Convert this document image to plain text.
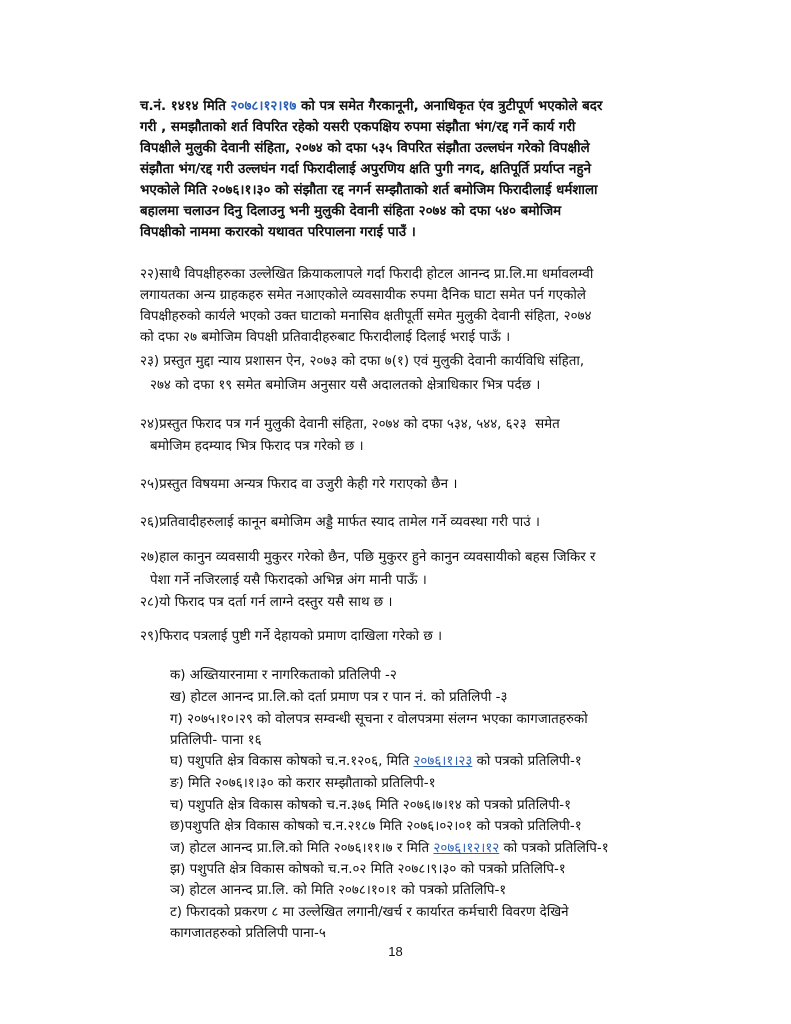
च.नं. १४१४ मिति २०७८।१२।१७ को पत्र समेत गैरकानूनी, अनाधिकृत एंव त्रुटीपूर्ण भएकोले बदर
गरी , समझौताको शर्त विपरित रहेको यसरी एकपक्षिय रुपमा संझौता भंग/रद्द गर्ने कार्य गरी
विपक्षीले मुलुकी देवानी संहिता, २०७४ को दफा ५३५ विपरित संझौता उल्लघंन गरेको विपक्षीले
संझौता भंग/रद्द गरी उल्लघंन गर्दा फिरादीलाई अपुरणिय क्षति पुगी नगद, क्षतिपूर्ति प्रर्याप्त नहुने
भएकोले मिति २०७६।१।३० को संझौता रद्द नगर्न सम्झौताको शर्त बमोजिम फिरादीलाई धर्मशाला
बहालमा चलाउन दिनु दिलाउनु भनी मुलुकी देवानी संहिता २०७४ को दफा ५४० बमोजिम
विपक्षीको नाममा करारको यथावत परिपालना गराई पाउँ ।
२२)साथै विपक्षीहरुका उल्लेखित क्रियाकलापले गर्दा फिरादी होटल आनन्द प्रा.लि.मा धर्मावलम्वी
लगायतका अन्य ग्राहकहरु समेत नआएकोले व्यवसायीक रुपमा दैनिक घाटा समेत पर्न गएकोले
विपक्षीहरुको कार्यले भएको उक्त घाटाको मनासिव क्षतीपूर्ती समेत मुलुकी देवानी संहिता, २०७४
को दफा २७ बमोजिम विपक्षी प्रतिवादीहरुबाट फिरादीलाई दिलाई भराई पाऊँ ।
२३) प्रस्तुत मुद्दा न्याय प्रशासन ऐन, २०७३ को दफा ७(१) एवं मुलुकी देवानी कार्यविधि संहिता,
२७४ को दफा १९ समेत बमोजिम अनुसार यसै अदालतको क्षेत्राधिकार भित्र पर्दछ ।
२४)प्रस्तुत फिराद पत्र गर्न मुलुकी देवानी संहिता, २०७४ को दफा ५३४, ५४४, ६२३  समेत
बमोजिम हदम्याद भित्र फिराद पत्र गरेको छ ।
२५)प्रस्तुत विषयमा अन्यत्र फिराद वा उजुरी केही गरे गराएको छैन ।
२६)प्रतिवादीहरुलाई कानून बमोजिम अड्डै मार्फत स्याद तामेल गर्ने व्यवस्था गरी पाउं ।
२७)हाल कानुन व्यवसायी मुकुरर गरेको छैन, पछि मुकुरर हुने कानुन व्यवसायीको बहस जिकिर र
पेशा गर्ने नजिरलाई यसै फिरादको अभिन्न अंग मानी पाऊँ ।
२८)यो फिराद पत्र दर्ता गर्न लाग्ने दस्तुर यसै साथ छ ।
२९)फिराद पत्रलाई पुष्टी गर्ने देहायको प्रमाण दाखिला गरेको छ ।
क) अख्तियारनामा र नागरिकताको प्रतिलिपी -२
ख) होटल आनन्द प्रा.लि.को दर्ता प्रमाण पत्र र पान नं. को प्रतिलिपी -३
ग) २०७५।१०।२९ को वोलपत्र सम्वन्धी सूचना र वोलपत्रमा संलग्न भएका कागजातहरुको
प्रतिलिपी- पाना १६
घ) पशुपति क्षेत्र विकास कोषको च.न.१२०६, मिति २०७६।१।२३ को पत्रको प्रतिलिपी-१
ङ) मिति २०७६।१।३० को करार सम्झौताको प्रतिलिपी-१
च) पशुपति क्षेत्र विकास कोषको च.न.३७६ मिति २०७६।७।१४ को पत्रको प्रतिलिपी-१
छ)पशुपति क्षेत्र विकास कोषको च.न.२१८७ मिति २०७६।०२।०१ को पत्रको प्रतिलिपी-१
ज) होटल आनन्द प्रा.लि.को मिति २०७६।११।७ र मिति २०७६।१२।१२ को पत्रको प्रतिलिपि-१
झ) पशुपति क्षेत्र विकास कोषको च.न.०२ मिति २०७८।९।३० को पत्रको प्रतिलिपि-१
ञ) होटल आनन्द प्रा.लि. को मिति २०७८।१०।१ को पत्रको प्रतिलिपि-१
ट) फिरादको प्रकरण ८ मा उल्लेखित लगानी/खर्च र कार्यारत कर्मचारी विवरण देखिने
कागजातहरुको प्रतिलिपी पाना-५
18
